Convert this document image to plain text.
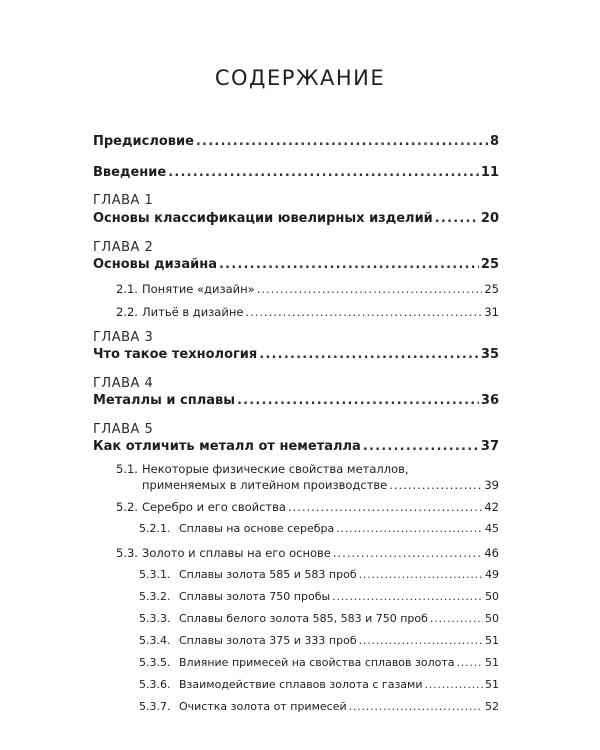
СОДЕРЖАНИЕ
Предисловие .....	8
Введение .....	11
ГЛАВА 1
Основы классификации ювелирных изделий .....	20
ГЛАВА 2
Основы дизайна .....	25
2.1. Понятие «дизайн» .....	25
2.2. Литьё в дизайне .....	31
ГЛАВА 3
Что такое технология .....	35
ГЛАВА 4
Металлы и сплавы .....	36
ГЛАВА 5
Как отличить металл от неметалла .....	37
5.1. Некоторые физические свойства металлов,
применяемых в литейном производстве .....	39
5.2. Серебро и его свойства .....	42
5.2.1. Сплавы на основе серебра .....	45
5.3. Золото и сплавы на его основе .....	46
5.3.1. Сплавы золота 585 и 583 проб .....	49
5.3.2. Сплавы золота 750 пробы .....	50
5.3.3. Сплавы белого золота 585, 583 и 750 проб .....	50
5.3.4. Сплавы золота 375 и 333 проб .....	51
5.3.5. Влияние примесей на свойства сплавов золота .....	51
5.3.6. Взаимодействие сплавов золота с газами .....	51
5.3.7. Очистка золота от примесей .....	52
